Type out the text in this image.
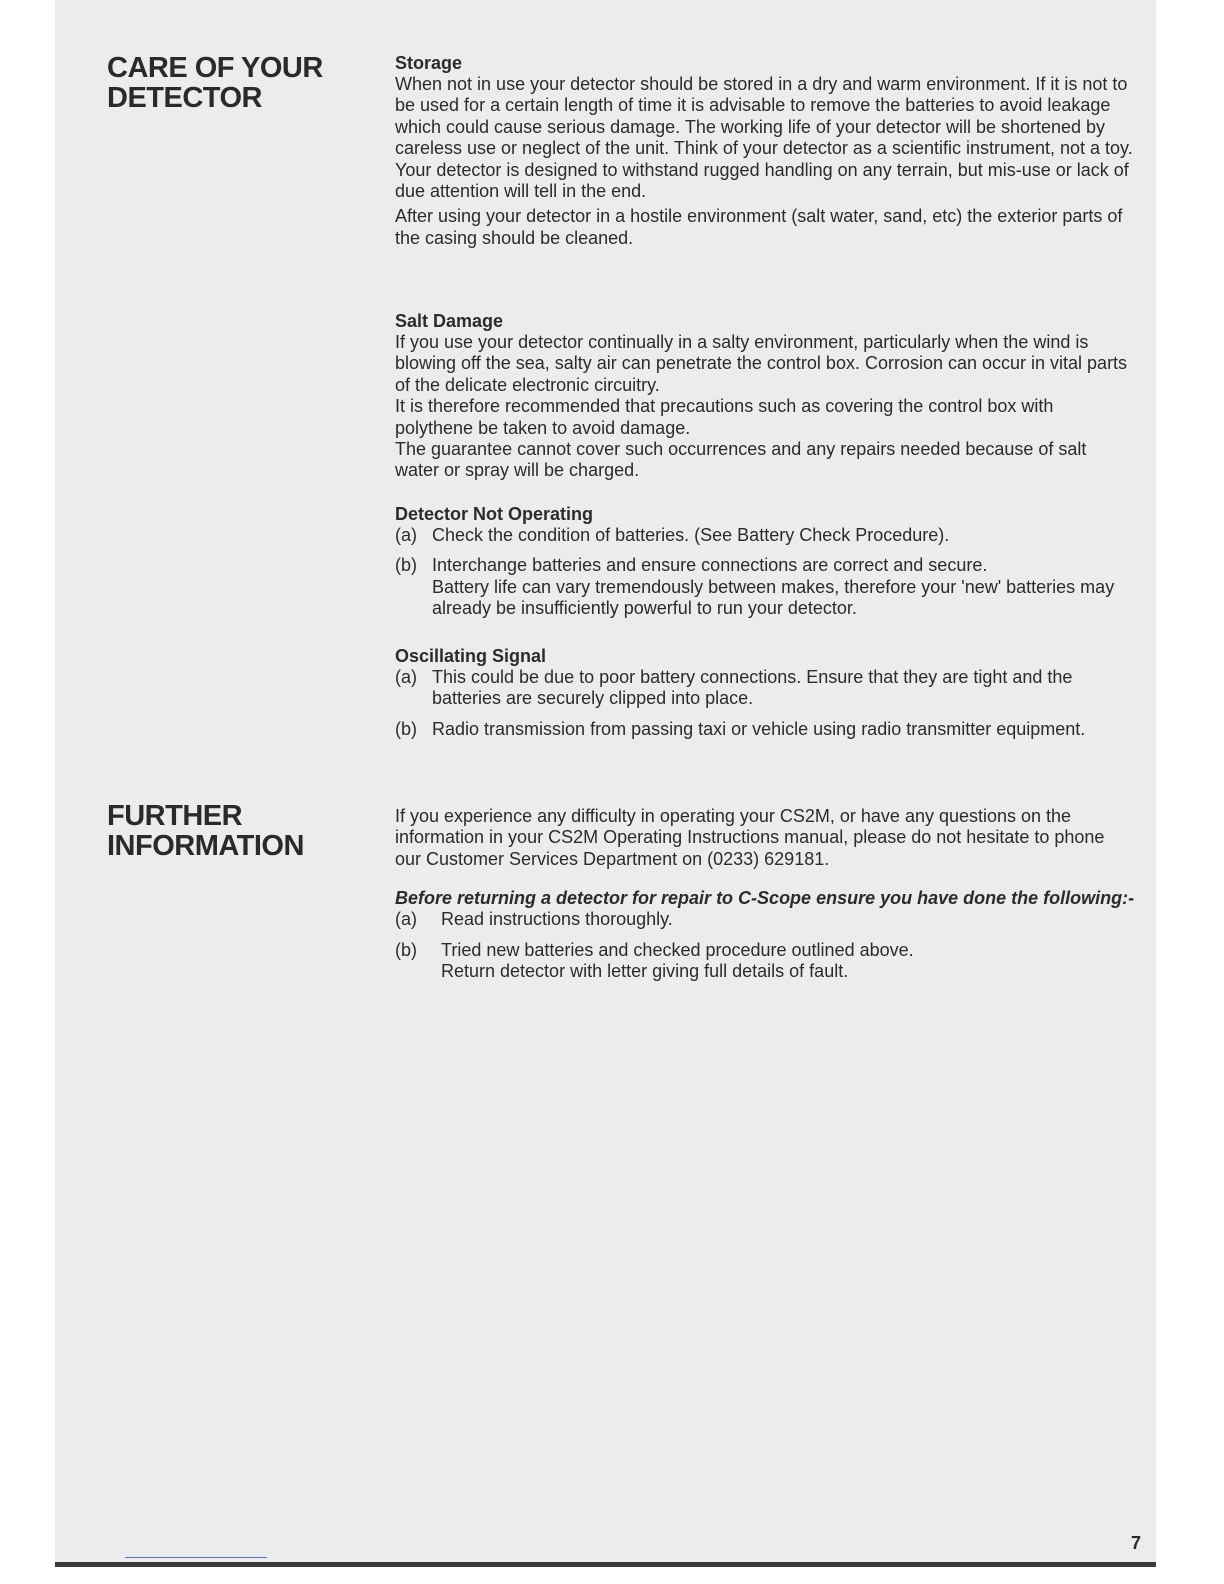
CARE OF YOUR
DETECTOR

Storage

When not in use your detector should be stored in a dry and warm environment. If it is not to be used for a certain length of time it is advisable to remove the batteries to avoid leakage which could cause serious damage. The working life of your detector will be shortened by careless use or neglect of the unit. Think of your detector as a scientific instrument, not a toy. Your detector is designed to withstand rugged handling on any terrain, but mis-use or lack of due attention will tell in the end.

After using your detector in a hostile environment (salt water, sand, etc) the exterior parts of the casing should be cleaned.

Salt Damage

If you use your detector continually in a salty environment, particularly when the wind is blowing off the sea, salty air can penetrate the control box. Corrosion can occur in vital parts of the delicate electronic circuitry.

It is therefore recommended that precautions such as covering the control box with polythene be taken to avoid damage.

The guarantee cannot cover such occurrences and any repairs needed because of salt water or spray will be charged.

Detector Not Operating

(a) Check the condition of batteries. (See Battery Check Procedure).
(b) Interchange batteries and ensure connections are correct and secure.
Battery life can vary tremendously between makes, therefore your 'new' batteries may already be insufficiently powerful to run your detector.

Oscillating Signal

(a) This could be due to poor battery connections. Ensure that they are tight and the batteries are securely clipped into place.
(b) Radio transmission from passing taxi or vehicle using radio transmitter equipment.
FURTHER
INFORMATION

If you experience any difficulty in operating your CS2M, or have any questions on the information in your CS2M Operating Instructions manual, please do not hesitate to phone our Customer Services Department on (0233) 629181.

Before returning a detector for repair to C-Scope ensure you have done the following:-

(a)	Read instructions thoroughly.
(b)	Tried new batteries and checked procedure outlined above.
Return detector with letter giving full details of fault.

7
